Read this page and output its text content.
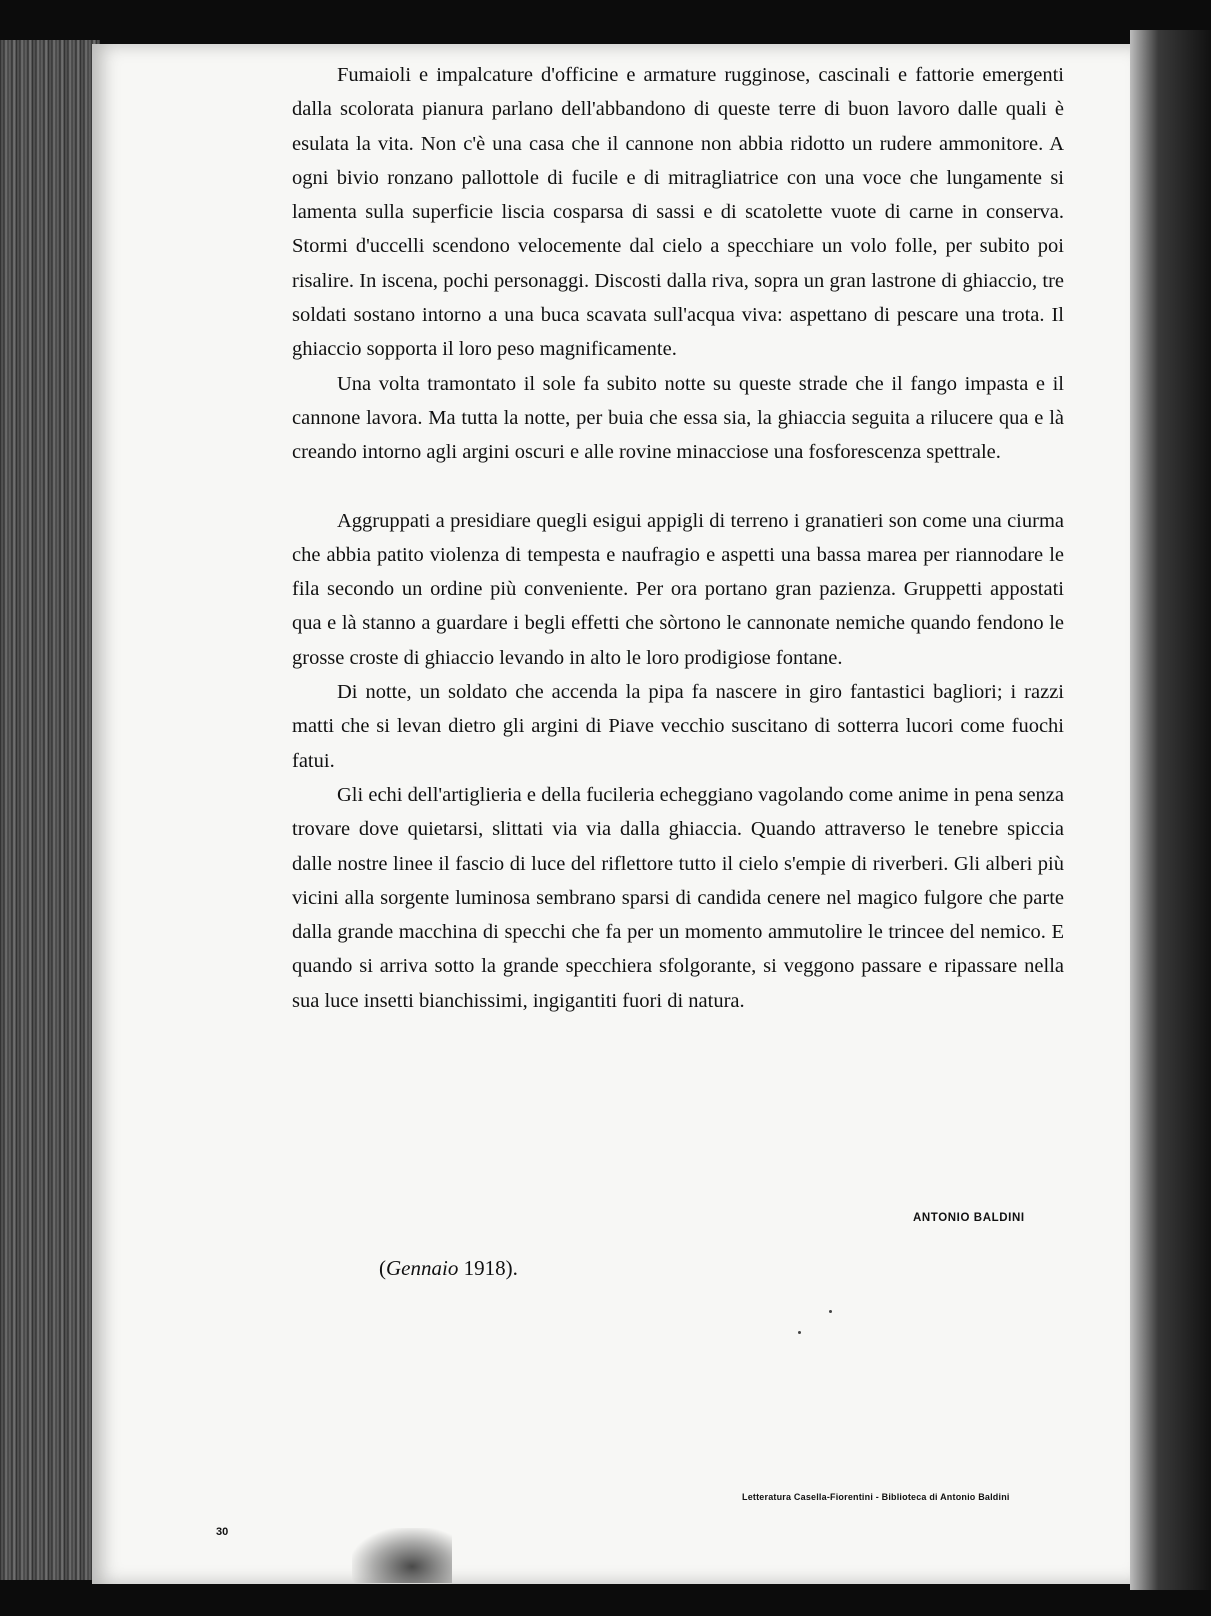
Fumaioli e impalcature d'officine e armature rugginose, cascinali e fattorie emergenti dalla scolorata pianura parlano dell'abbandono di queste terre di buon lavoro dalle quali è esulata la vita. Non c'è una casa che il cannone non abbia ridotto un rudere ammonitore. A ogni bivio ronzano pallottole di fucile e di mitragliatrice con una voce che lungamente si lamenta sulla superficie liscia cosparsa di sassi e di scatolette vuote di carne in conserva. Stormi d'uccelli scendono velocemente dal cielo a specchiare un volo folle, per subito poi risalire. In iscena, pochi personaggi. Discosti dalla riva, sopra un gran lastrone di ghiaccio, tre soldati sostano intorno a una buca scavata sull'acqua viva: aspettano di pescare una trota. Il ghiaccio sopporta il loro peso magnificamente.

Una volta tramontato il sole fa subito notte su queste strade che il fango impasta e il cannone lavora. Ma tutta la notte, per buia che essa sia, la ghiaccia seguita a rilucere qua e là creando intorno agli argini oscuri e alle rovine minacciose una fosforescenza spettrale.

Aggruppati a presidiare quegli esigui appigli di terreno i granatieri son come una ciurma che abbia patito violenza di tempesta e naufragio e aspetti una bassa marea per riannodare le fila secondo un ordine più conveniente. Per ora portano gran pazienza. Gruppetti appostati qua e là stanno a guardare i begli effetti che sòrtono le cannonate nemiche quando fendono le grosse croste di ghiaccio levando in alto le loro prodigiose fontane.

Di notte, un soldato che accenda la pipa fa nascere in giro fantastici bagliori; i razzi matti che si levan dietro gli argini di Piave vecchio suscitano di sotterra lucori come fuochi fatui.

Gli echi dell'artiglieria e della fucileria echeggiano vagolando come anime in pena senza trovare dove quietarsi, slittati via via dalla ghiaccia. Quando attraverso le tenebre spiccia dalle nostre linee il fascio di luce del riflettore tutto il cielo s'empie di riverberi. Gli alberi più vicini alla sorgente luminosa sembrano sparsi di candida cenere nel magico fulgore che parte dalla grande macchina di specchi che fa per un momento ammutolire le trincee del nemico. E quando si arriva sotto la grande specchiera sfolgorante, si veggono passare e ripassare nella sua luce insetti bianchissimi, ingigantiti fuori di natura.

ANTONIO BALDINI
(Gennaio 1918).
Letteratura Casella-Fiorentini - Biblioteca di Antonio Baldini
30
